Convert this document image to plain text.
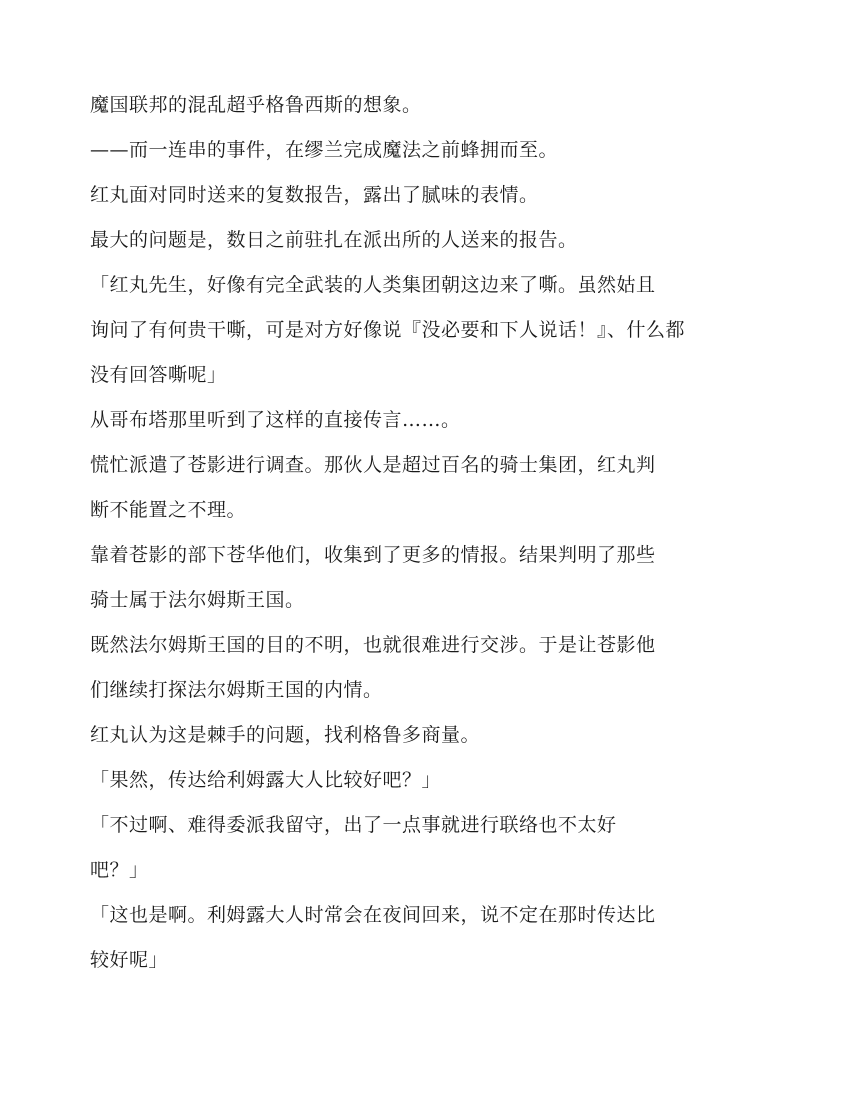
魔国联邦的混乱超乎格鲁西斯的想象。
——而一连串的事件，在缪兰完成魔法之前蜂拥而至。
红丸面对同时送来的复数报告，露出了腻味的表情。
最大的问题是，数日之前驻扎在派出所的人送来的报告。
「红丸先生，好像有完全武装的人类集团朝这边来了嘶。虽然姑且
询问了有何贵干嘶，可是对方好像说『没必要和下人说话！』、什么都
没有回答嘶呢」
从哥布塔那里听到了这样的直接传言……。
慌忙派遣了苍影进行调查。那伙人是超过百名的骑士集团，红丸判
断不能置之不理。
靠着苍影的部下苍华他们，收集到了更多的情报。结果判明了那些
骑士属于法尔姆斯王国。
既然法尔姆斯王国的目的不明，也就很难进行交涉。于是让苍影他
们继续打探法尔姆斯王国的内情。
红丸认为这是棘手的问题，找利格鲁多商量。
「果然，传达给利姆露大人比较好吧？」
「不过啊、难得委派我留守，出了一点事就进行联络也不太好
吧？」
「这也是啊。利姆露大人时常会在夜间回来，说不定在那时传达比
较好呢」
